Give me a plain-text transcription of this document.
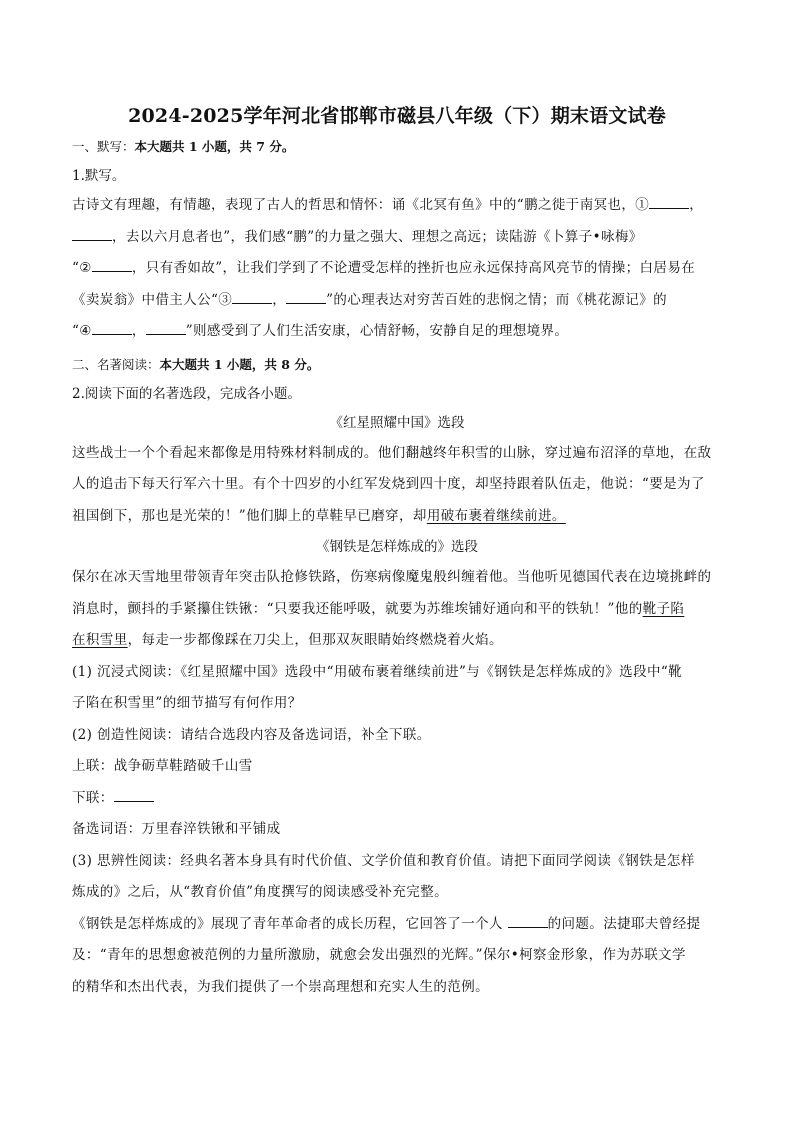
2024-2025学年河北省邯郸市磁县八年级（下）期末语文试卷

一、默写：本大题共 1 小题，共 7 分。

1.默写。

古诗文有理趣，有情趣，表现了古人的哲思和情怀：诵《北冥有鱼》中的“鹏之徙于南冥也，①	，

，去以六月息者也”，我们感“鹏”的力量之强大、理想之高远；读陆游《卜算子•咏梅》

“②	，只有香如故”，让我们学到了不论遭受怎样的挫折也应永远保持高风亮节的情操；白居易在

《卖炭翁》中借主人公“③	，	”的心理表达对穷苦百姓的悲悯之情；而《桃花源记》的

“④	，	”则感受到了人们生活安康，心情舒畅，安静自足的理想境界。

二、名著阅读：本大题共 1 小题，共 8 分。

2.阅读下面的名著选段，完成各小题。

《红星照耀中国》选段

这些战士一个个看起来都像是用特殊材料制成的。他们翻越终年积雪的山脉，穿过遍布沼泽的草地，在敌

人的追击下每天行军六十里。有个十四岁的小红军发烧到四十度，却坚持跟着队伍走，他说：“要是为了

祖国倒下，那也是光荣的！”他们脚上的草鞋早已磨穿，却用破布裹着继续前进。

《钢铁是怎样炼成的》选段

保尔在冰天雪地里带领青年突击队抢修铁路，伤寒病像魔鬼般纠缠着他。当他听见德国代表在边境挑衅的

消息时，颤抖的手紧攥住铁锹：“只要我还能呼吸，就要为苏维埃铺好通向和平的铁轨！”他的靴子陷

在积雪里，每走一步都像踩在刀尖上，但那双灰眼睛始终燃烧着火焰。

(1) 沉浸式阅读：《红星照耀中国》选段中“用破布裹着继续前进”与《钢铁是怎样炼成的》选段中“靴

子陷在积雪里”的细节描写有何作用？

(2) 创造性阅读：请结合选段内容及备选词语，补全下联。

上联：战争砺草鞋踏破千山雪

下联：

备选词语：万里春淬铁锹和平铺成

(3) 思辨性阅读：经典名著本身具有时代价值、文学价值和教育价值。请把下面同学阅读《钢铁是怎样

炼成的》之后，从“教育价值”角度撰写的阅读感受补充完整。

《钢铁是怎样炼成的》展现了青年革命者的成长历程，它回答了一个人	的问题。法捷耶夫曾经提

及：“青年的思想愈被范例的力量所激励，就愈会发出强烈的光辉。”保尔•柯察金形象，作为苏联文学

的精华和杰出代表，为我们提供了一个崇高理想和充实人生的范例。
